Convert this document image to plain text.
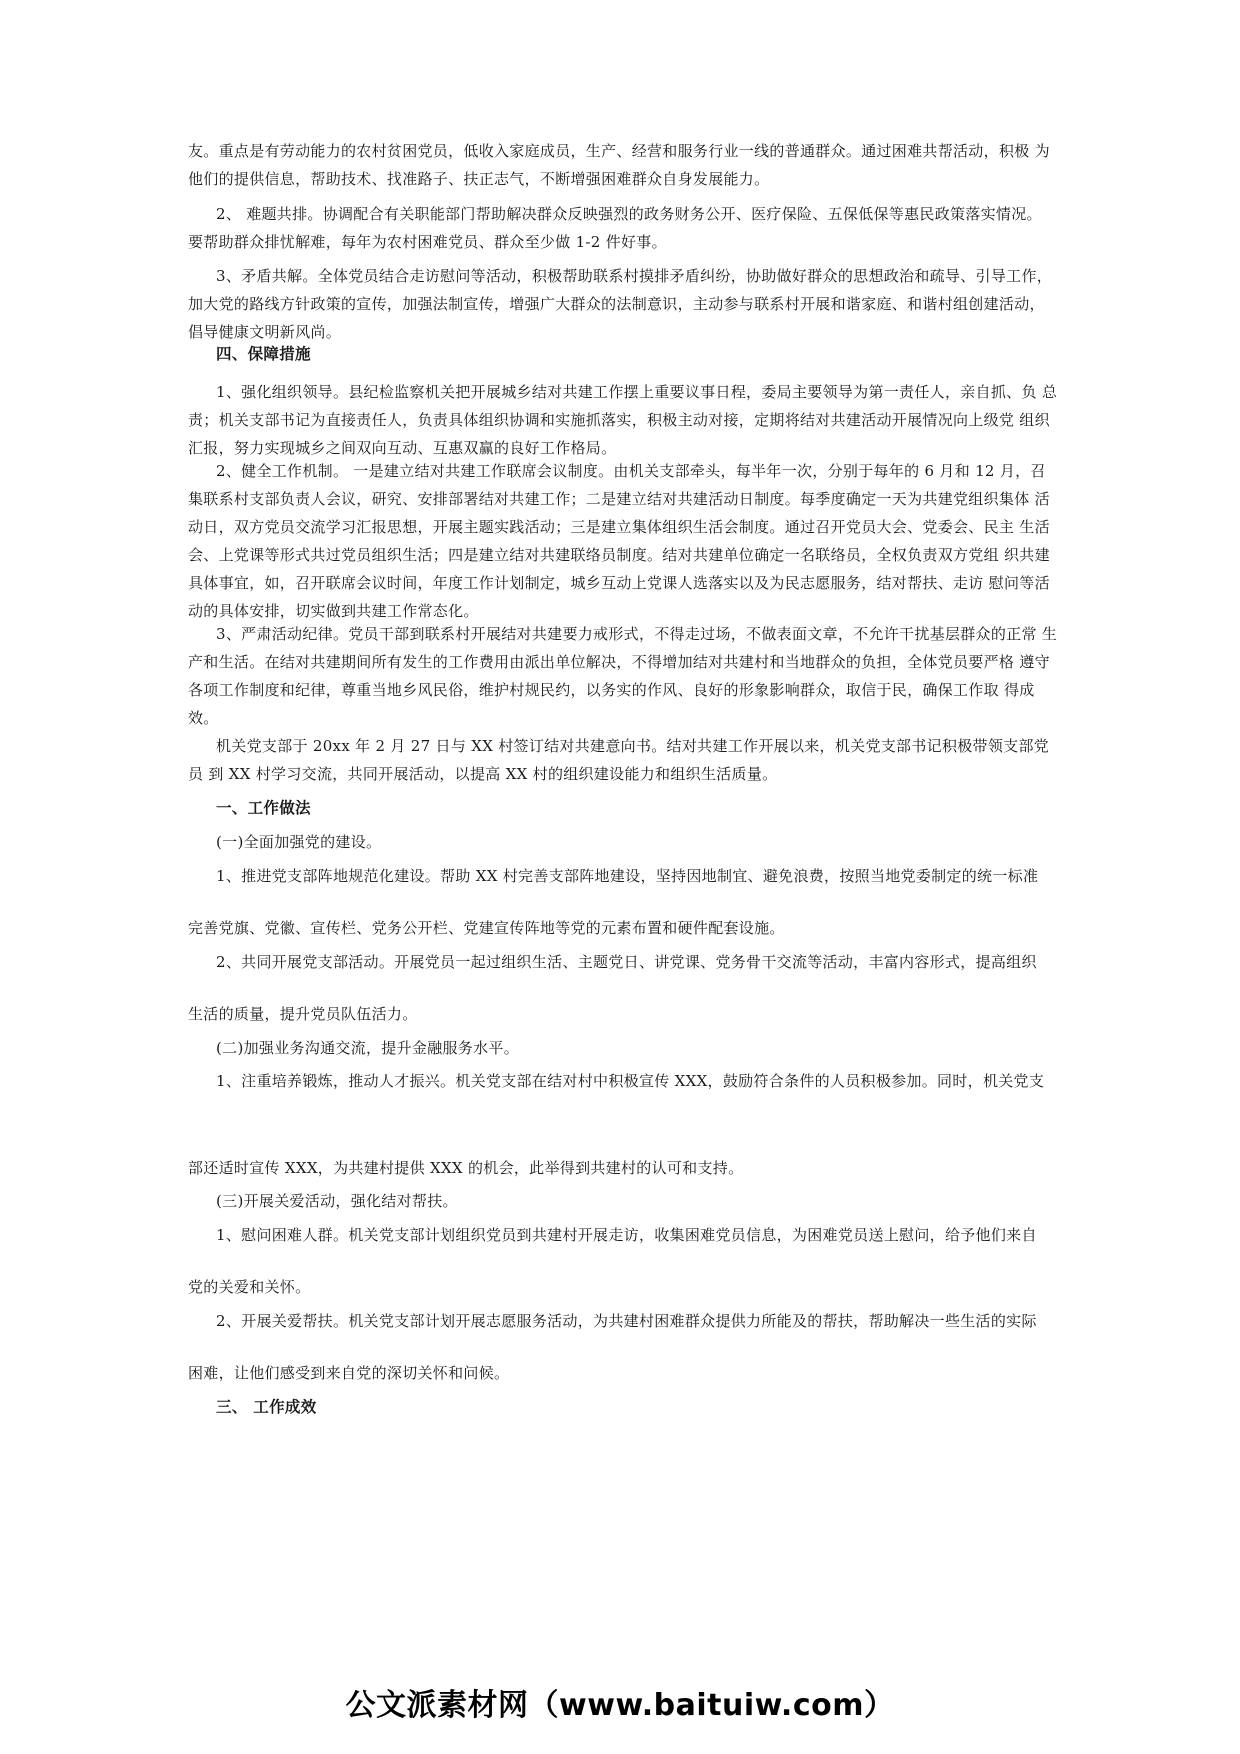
友。重点是有劳动能力的农村贫困党员，低收入家庭成员，生产、经营和服务行业一线的普通群众。通过困难共帮活动，积极 为他们的提供信息，帮助技术、找准路子、扶正志气，不断增强困难群众自身发展能力。

2、 难题共排。协调配合有关职能部门帮助解决群众反映强烈的政务财务公开、医疗保险、五保低保等惠民政策落实情况。 要帮助群众排忧解难，每年为农村困难党员、群众至少做 1-2 件好事。

3、矛盾共解。全体党员结合走访慰问等活动，积极帮助联系村摸排矛盾纠纷，协助做好群众的思想政治和疏导、引导工作， 加大党的路线方针政策的宣传，加强法制宣传，增强广大群众的法制意识，主动参与联系村开展和谐家庭、和谐村组创建活动， 倡导健康文明新风尚。

四、保障措施

1、强化组织领导。县纪检监察机关把开展城乡结对共建工作摆上重要议事日程，委局主要领导为第一责任人，亲自抓、负 总责；机关支部书记为直接责任人，负责具体组织协调和实施抓落实，积极主动对接，定期将结对共建活动开展情况向上级党 组织汇报，努力实现城乡之间双向互动、互惠双赢的良好工作格局。

2、健全工作机制。 一是建立结对共建工作联席会议制度。由机关支部牵头，每半年一次，分别于每年的 6 月和 12 月，召 集联系村支部负责人会议，研究、安排部署结对共建工作；二是建立结对共建活动日制度。每季度确定一天为共建党组织集体 活动日，双方党员交流学习汇报思想，开展主题实践活动；三是建立集体组织生活会制度。通过召开党员大会、党委会、民主 生活会、上党课等形式共过党员组织生活；四是建立结对共建联络员制度。结对共建单位确定一名联络员，全权负责双方党组 织共建具体事宜，如，召开联席会议时间，年度工作计划制定，城乡互动上党课人选落实以及为民志愿服务，结对帮扶、走访 慰问等活动的具体安排，切实做到共建工作常态化。

3、严肃活动纪律。党员干部到联系村开展结对共建要力戒形式，不得走过场，不做表面文章，不允许干扰基层群众的正常 生产和生活。在结对共建期间所有发生的工作费用由派出单位解决，不得增加结对共建村和当地群众的负担，全体党员要严格 遵守各项工作制度和纪律，尊重当地乡风民俗，维护村规民约，以务实的作风、良好的形象影响群众，取信于民，确保工作取 得成效。

机关党支部于 20xx 年 2 月 27 日与 XX 村签订结对共建意向书。结对共建工作开展以来，机关党支部书记积极带领支部党员 到 XX 村学习交流，共同开展活动，以提高 XX 村的组织建设能力和组织生活质量。

一、工作做法

(一)全面加强党的建设。

1、推进党支部阵地规范化建设。帮助 XX 村完善支部阵地建设，坚持因地制宜、避免浪费，按照当地党委制定的统一标准

完善党旗、党徽、宣传栏、党务公开栏、党建宣传阵地等党的元素布置和硬件配套设施。

2、共同开展党支部活动。开展党员一起过组织生活、主题党日、讲党课、党务骨干交流等活动，丰富内容形式，提高组织

生活的质量，提升党员队伍活力。

(二)加强业务沟通交流，提升金融服务水平。

1、注重培养锻炼，推动人才振兴。机关党支部在结对村中积极宣传 XXX，鼓励符合条件的人员积极参加。同时，机关党支

部还适时宣传 XXX，为共建村提供 XXX 的机会，此举得到共建村的认可和支持。

(三)开展关爱活动，强化结对帮扶。

1、慰问困难人群。机关党支部计划组织党员到共建村开展走访，收集困难党员信息，为困难党员送上慰问，给予他们来自

党的关爱和关怀。

2、开展关爱帮扶。机关党支部计划开展志愿服务活动，为共建村困难群众提供力所能及的帮扶，帮助解决一些生活的实际

困难，让他们感受到来自党的深切关怀和问候。

三、 工作成效
公文派素材网（www.baituiw.com）
